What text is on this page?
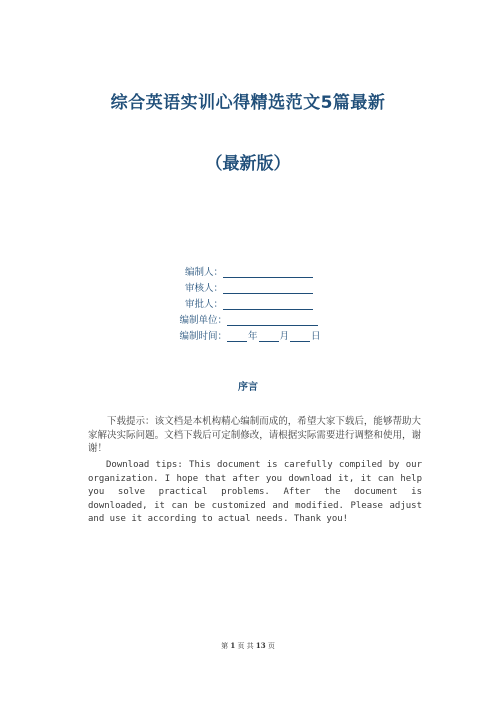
综合英语实训心得精选范文5篇最新
（最新版）
编制人：
审核人：
审批人：
编制单位：
编制时间： 年 月 日
序言
下载提示：该文档是本机构精心编制而成的，希望大家下载后，能够帮助大家解决实际问题。文档下载后可定制修改，请根据实际需要进行调整和使用，谢谢！
Download tips: This document is carefully compiled by our organization. I hope that after you download it, it can help you solve practical problems. After the document is downloaded, it can be customized and modified. Please adjust and use it according to actual needs. Thank you!
第 1 页 共 13 页
